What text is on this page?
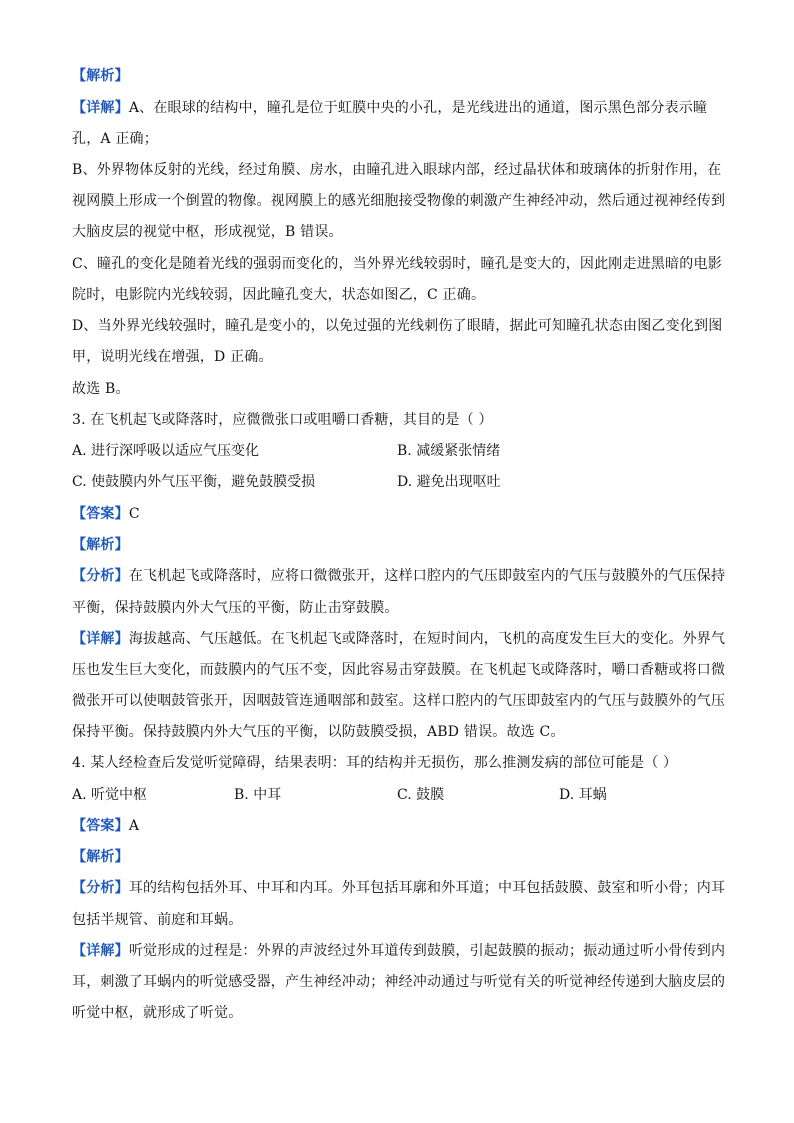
【解析】
【详解】A、在眼球的结构中，瞳孔是位于虹膜中央的小孔，是光线进出的通道，图示黑色部分表示瞳
孔，A 正确；
B、外界物体反射的光线，经过角膜、房水，由瞳孔进入眼球内部，经过晶状体和玻璃体的折射作用，在
视网膜上形成一个倒置的物像。视网膜上的感光细胞接受物像的刺激产生神经冲动，然后通过视神经传到
大脑皮层的视觉中枢，形成视觉，B 错误。
C、瞳孔的变化是随着光线的强弱而变化的，当外界光线较弱时，瞳孔是变大的，因此刚走进黑暗的电影
院时，电影院内光线较弱，因此瞳孔变大，状态如图乙，C 正确。
D、当外界光线较强时，瞳孔是变小的，以免过强的光线刺伤了眼睛，据此可知瞳孔状态由图乙变化到图
甲，说明光线在增强，D 正确。
故选 B。
3. 在飞机起飞或降落时，应微微张口或咀嚼口香糖，其目的是（ ）
A. 进行深呼吸以适应气压变化	B. 减缓紧张情绪
C. 使鼓膜内外气压平衡，避免鼓膜受损	D. 避免出现呕吐
【答案】C
【解析】
【分析】在飞机起飞或降落时，应将口微微张开，这样口腔内的气压即鼓室内的气压与鼓膜外的气压保持
平衡，保持鼓膜内外大气压的平衡，防止击穿鼓膜。
【详解】海拔越高、气压越低。在飞机起飞或降落时，在短时间内，飞机的高度发生巨大的变化。外界气
压也发生巨大变化，而鼓膜内的气压不变，因此容易击穿鼓膜。在飞机起飞或降落时，嚼口香糖或将口微
微张开可以使咽鼓管张开，因咽鼓管连通咽部和鼓室。这样口腔内的气压即鼓室内的气压与鼓膜外的气压
保持平衡。保持鼓膜内外大气压的平衡，以防鼓膜受损，ABD 错误。故选 C。
4. 某人经检查后发觉听觉障碍，结果表明：耳的结构并无损伤，那么推测发病的部位可能是（ ）
A. 听觉中枢	B. 中耳	C. 鼓膜	D. 耳蜗
【答案】A
【解析】
【分析】耳的结构包括外耳、中耳和内耳。外耳包括耳廓和外耳道；中耳包括鼓膜、鼓室和听小骨；内耳
包括半规管、前庭和耳蜗。
【详解】听觉形成的过程是：外界的声波经过外耳道传到鼓膜，引起鼓膜的振动；振动通过听小骨传到内
耳，刺激了耳蜗内的听觉感受器，产生神经冲动；神经冲动通过与听觉有关的听觉神经传递到大脑皮层的
听觉中枢，就形成了听觉。
